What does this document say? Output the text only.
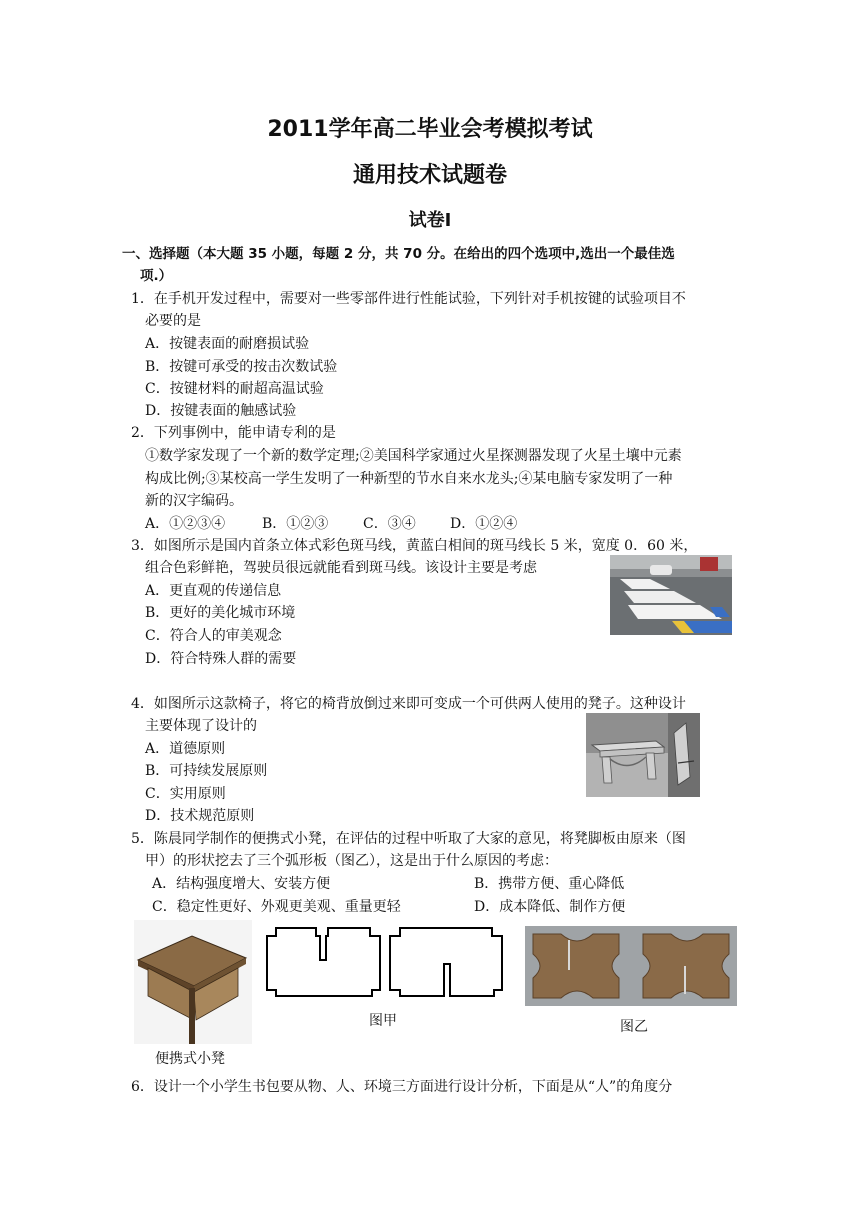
2011学年高二毕业会考模拟考试
通用技术试题卷
试卷Ⅰ
一、选择题（本大题 35 小题，每题 2 分，共 70 分。在给出的四个选项中,选出一个最佳选
项.）
1．在手机开发过程中，需要对一些零部件进行性能试验，下列针对手机按键的试验项目不
必要的是
A．按键表面的耐磨损试验
B．按键可承受的按击次数试验
C．按键材料的耐超高温试验
D．按键表面的触感试验
2．下列事例中，能申请专利的是
①数学家发现了一个新的数学定理;②美国科学家通过火星探测器发现了火星土壤中元素
构成比例;③某校高一学生发明了一种新型的节水自来水龙头;④某电脑专家发明了一种
新的汉字编码。
A．①②③④	B．①②③ C．③④ D．①②④
3．如图所示是国内首条立体式彩色斑马线，黄蓝白相间的斑马线长 5 米，宽度 0．60 米，
组合色彩鲜艳，驾驶员很远就能看到斑马线。该设计主要是考虑
A．更直观的传递信息
B．更好的美化城市环境
C．符合人的审美观念
D．符合特殊人群的需要
4．如图所示这款椅子，将它的椅背放倒过来即可变成一个可供两人使用的凳子。这种设计
主要体现了设计的
A．道德原则
B．可持续发展原则
C．实用原则
D．技术规范原则
5．陈晨同学制作的便携式小凳，在评估的过程中听取了大家的意见，将凳脚板由原来（图
甲）的形状挖去了三个弧形板（图乙），这是出于什么原因的考虑：
A．结构强度增大、安装方便	B．携带方便、重心降低
C．稳定性更好、外观更美观、重量更轻	D．成本降低、制作方便
图甲	图乙
便携式小凳
6．设计一个小学生书包要从物、人、环境三方面进行设计分析，下面是从“人”的角度分
